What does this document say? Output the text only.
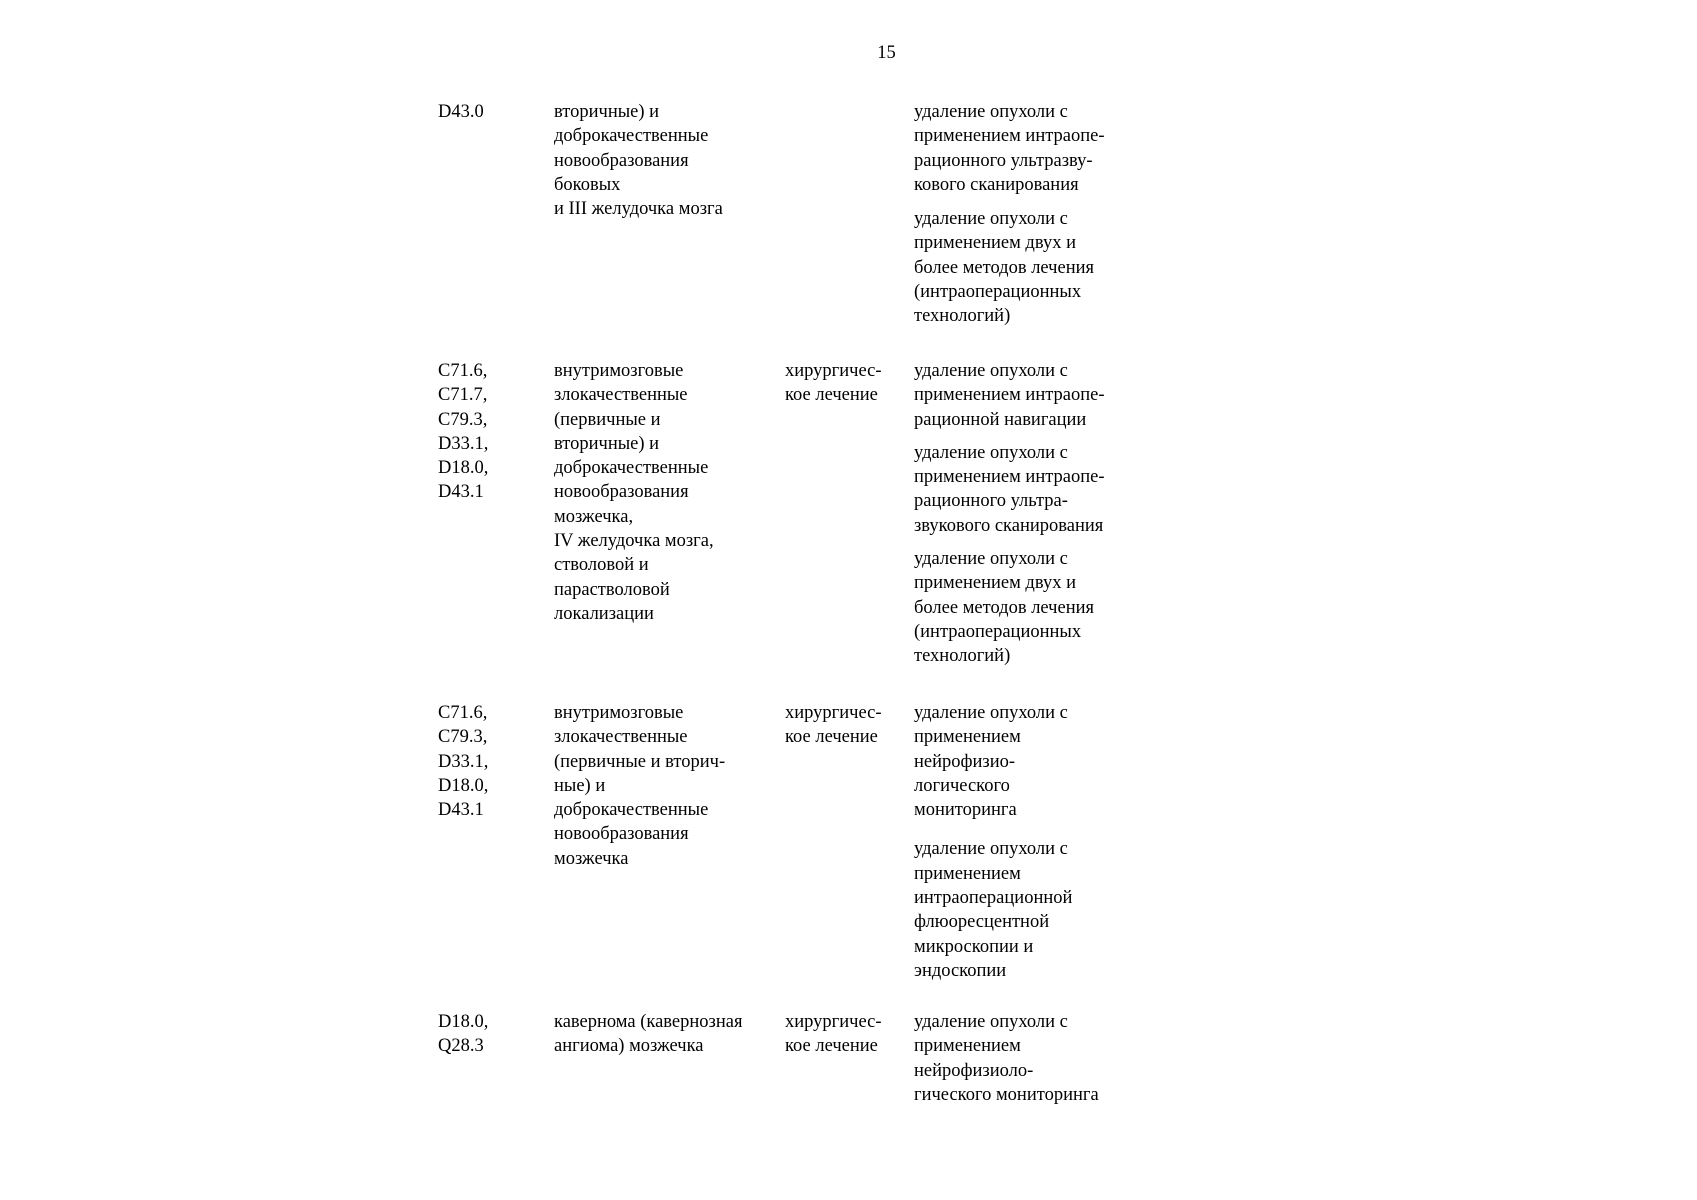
15
D43.0	вторичные) и
доброкачественные
новообразования
боковых
и III желудочка мозга
удаление опухоли с
применением интраопе-
рационного ультразву-
кового сканирования
удаление опухоли с
применением двух и
более методов лечения
(интраоперационных
технологий)
C71.6,
C71.7,
C79.3,
D33.1,
D18.0,
D43.1
внутримозговые
злокачественные
(первичные и
вторичные) и
доброкачественные
новообразования
мозжечка,
IV желудочка мозга,
стволовой и
парастволовой
локализации
хирургичес-
кое лечение
удаление опухоли с
применением интраопе-
рационной навигации
удаление опухоли с
применением интраопе-
рационного ультра-
звукового сканирования
удаление опухоли с
применением двух и
более методов лечения
(интраоперационных
технологий)
C71.6,
C79.3,
D33.1,
D18.0,
D43.1
внутримозговые
злокачественные
(первичные и вторич-
ные) и
доброкачественные
новообразования
мозжечка
хирургичес-
кое лечение
удаление опухоли с
применением
нейрофизио-
логического
мониторинга
удаление опухоли с
применением
интраоперационной
флюоресцентной
микроскопии и
эндоскопии
D18.0,
Q28.3
кавернома (кавернозная
ангиома) мозжечка
хирургичес-
кое лечение
удаление опухоли с
применением
нейрофизиоло-
гического мониторинга
